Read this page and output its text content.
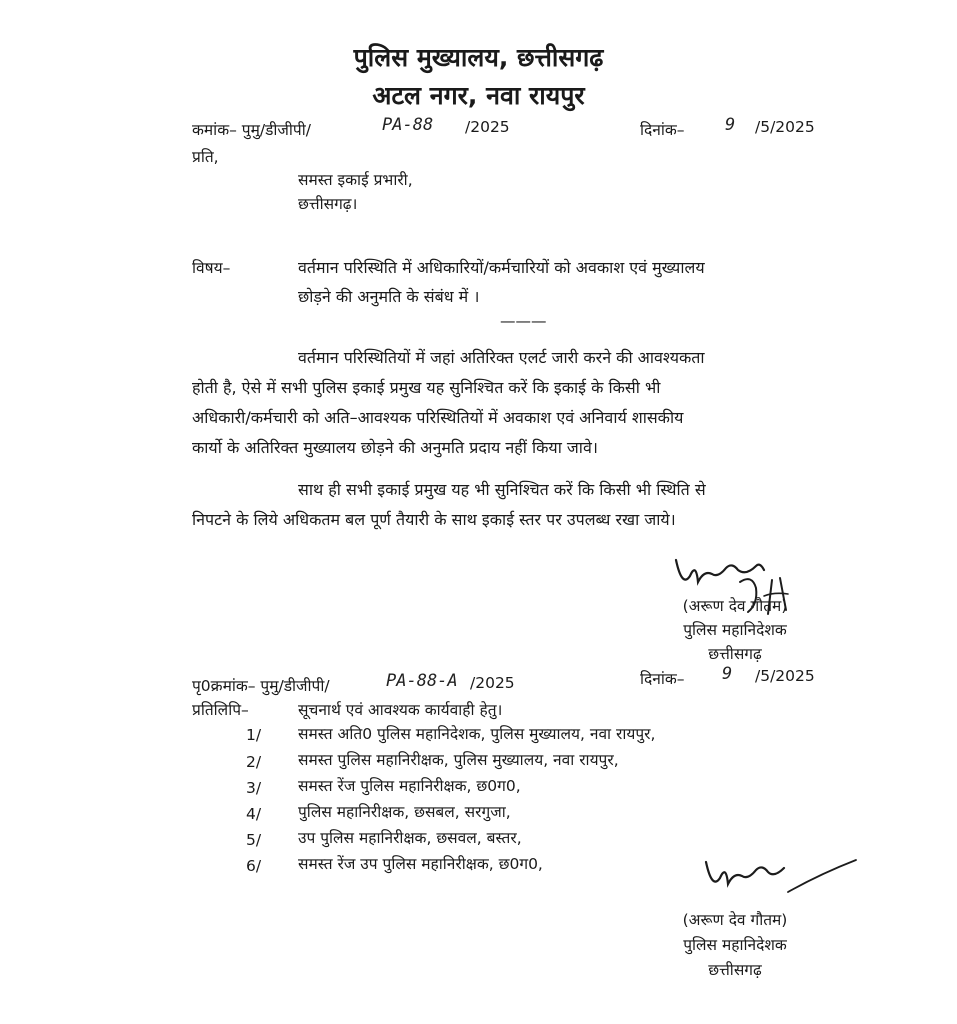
पुलिस मुख्यालय, छत्तीसगढ़
अटल नगर, नवा रायपुर
कमांक– पुमु/डीजीपी/	PA-88 /2025	दिनांक– 9 /5/2025
प्रति,
समस्त इकाई प्रभारी,
छत्तीसगढ़।
विषय–	वर्तमान परिस्थिति में अधिकारियों/कर्मचारियों को अवकाश एवं मुख्यालय
छोड़ने की अनुमति के संबंध में ।
———
वर्तमान परिस्थितियों में जहां अतिरिक्त एलर्ट जारी करने की आवश्यकता
होती है, ऐसे में सभी पुलिस इकाई प्रमुख यह सुनिश्चित करें कि इकाई के किसी भी
अधिकारी/कर्मचारी को अति–आवश्यक परिस्थितियों में अवकाश एवं अनिवार्य शासकीय
कार्यो के अतिरिक्त मुख्यालय छोड़ने की अनुमति प्रदाय नहीं किया जावे।
साथ ही सभी इकाई प्रमुख यह भी सुनिश्चित करें कि किसी भी स्थिति से
निपटने के लिये अधिकतम बल पूर्ण तैयारी के साथ इकाई स्तर पर उपलब्ध रखा जाये।
(अरूण देव गौतम)
पुलिस महानिदेशक
छत्तीसगढ़
पृ0क्रमांक– पुमु/डीजीपी/	PA-88-A /2025	दिनांक– 9 /5/2025
प्रतिलिपि–	सूचनार्थ एवं आवश्यक कार्यवाही हेतु।
1/ समस्त अति0 पुलिस महानिदेशक, पुलिस मुख्यालय, नवा रायपुर,
2/ समस्त पुलिस महानिरीक्षक, पुलिस मुख्यालय, नवा रायपुर,
3/ समस्त रेंज पुलिस महानिरीक्षक, छ0ग0,
4/ पुलिस महानिरीक्षक, छसबल, सरगुजा,
5/ उप पुलिस महानिरीक्षक, छसवल, बस्तर,
6/ समस्त रेंज उप पुलिस महानिरीक्षक, छ0ग0,
(अरूण देव गौतम)
पुलिस महानिदेशक
छत्तीसगढ़
